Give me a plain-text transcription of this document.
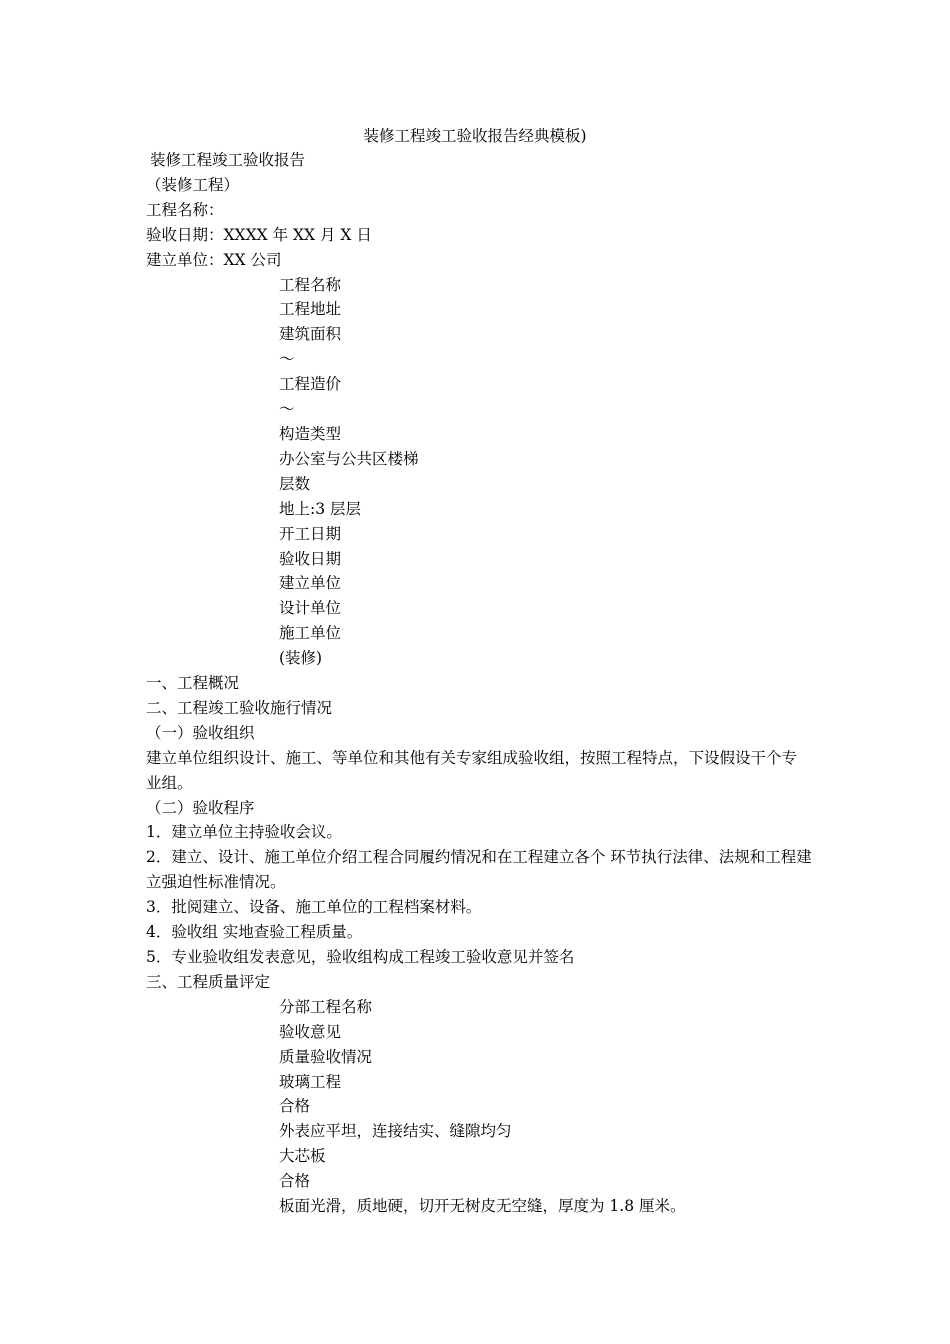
装修工程竣工验收报告经典模板)
装修工程竣工验收报告
（装修工程）
工程名称：
验收日期：XXXX 年 XX 月 X 日
建立单位：XX 公司
工程名称
工程地址
建筑面积
～
工程造价
～
构造类型
办公室与公共区楼梯
层数
地上:3 层层
开工日期
验收日期
建立单位
设计单位
施工单位
(装修)
一、工程概况
二、工程竣工验收施行情况
（一）验收组织
建立单位组织设计、施工、等单位和其他有关专家组成验收组，按照工程特点，下设假设干个专业组。
（二）验收程序
1．建立单位主持验收会议。
2．建立、设计、施工单位介绍工程合同履约情况和在工程建立各个 环节执行法律、法规和工程建立强迫性标准情况。
3．批阅建立、设备、施工单位的工程档案材料。
4．验收组 实地查验工程质量。
5．专业验收组发表意见，验收组构成工程竣工验收意见并签名
三、工程质量评定
分部工程名称
验收意见
质量验收情况
玻璃工程
合格
外表应平坦，连接结实、缝隙均匀
大芯板
合格
板面光滑，质地硬，切开无树皮无空缝，厚度为 1.8 厘米。
